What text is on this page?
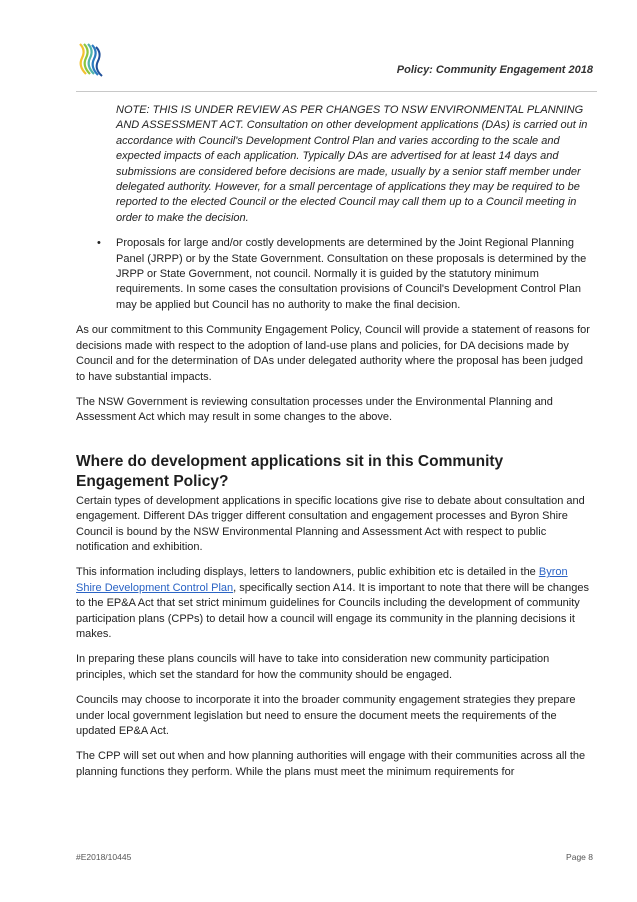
Policy: Community Engagement 2018

NOTE: THIS IS UNDER REVIEW AS PER CHANGES TO NSW ENVIRONMENTAL PLANNING AND ASSESSMENT ACT. Consultation on other development applications (DAs) is carried out in accordance with Council's Development Control Plan and varies according to the scale and expected impacts of each application. Typically DAs are advertised for at least 14 days and submissions are considered before decisions are made, usually by a senior staff member under delegated authority. However, for a small percentage of applications they may be required to be reported to the elected Council or the elected Council may call them up to a Council meeting in order to make the decision.

• Proposals for large and/or costly developments are determined by the Joint Regional Planning Panel (JRPP) or by the State Government. Consultation on these proposals is determined by the JRPP or State Government, not council. Normally it is guided by the statutory minimum requirements. In some cases the consultation provisions of Council's Development Control Plan may be applied but Council has no authority to make the final decision.

As our commitment to this Community Engagement Policy, Council will provide a statement of reasons for decisions made with respect to the adoption of land-use plans and policies, for DA decisions made by Council and for the determination of DAs under delegated authority where the proposal has been judged to have substantial impacts.

The NSW Government is reviewing consultation processes under the Environmental Planning and Assessment Act which may result in some changes to the above.

Where do development applications sit in this Community Engagement Policy?

Certain types of development applications in specific locations give rise to debate about consultation and engagement. Different DAs trigger different consultation and engagement processes and Byron Shire Council is bound by the NSW Environmental Planning and Assessment Act with respect to public notification and exhibition.

This information including displays, letters to landowners, public exhibition etc is detailed in the Byron Shire Development Control Plan, specifically section A14. It is important to note that there will be changes to the EP&A Act that set strict minimum guidelines for Councils including the development of community participation plans (CPPs) to detail how a council will engage its community in the planning decisions it makes.

In preparing these plans councils will have to take into consideration new community participation principles, which set the standard for how the community should be engaged.

Councils may choose to incorporate it into the broader community engagement strategies they prepare under local government legislation but need to ensure the document meets the requirements of the updated EP&A Act.

The CPP will set out when and how planning authorities will engage with their communities across all the planning functions they perform. While the plans must meet the minimum requirements for

#E2018/10445	Page 8
